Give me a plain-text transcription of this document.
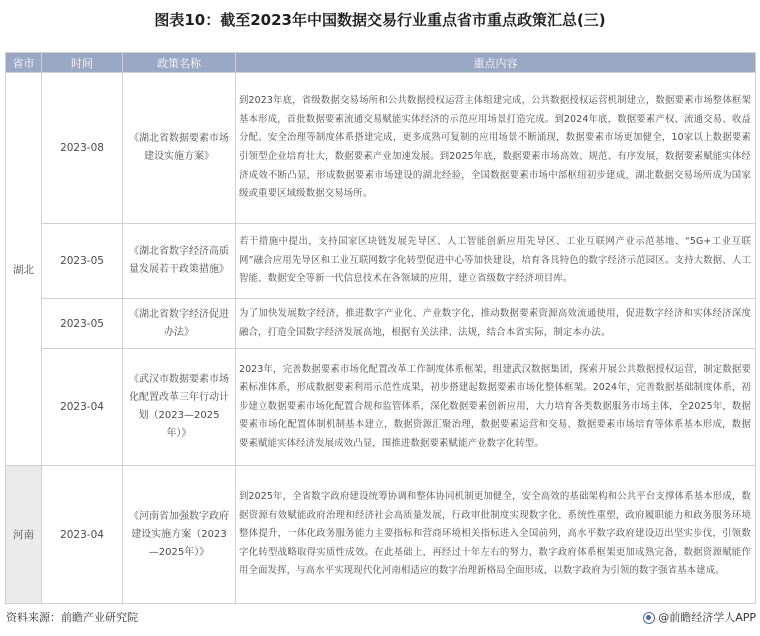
图表10：截至2023年中国数据交易行业重点省市重点政策汇总(三)
省市	时间	政策名称	重点内容
湖北	2023-08	《湖北省数据要素市场建设实施方案》	到2023年底，省级数据交易场所和公共数据授权运营主体组建完成，公共数据授权运营机制建立，数据要素市场整体框架基本形成，首批数据要素流通交易赋能实体经济的示范应用场景打造完成。到2024年底，数据要素产权、流通交易、收益分配、安全治理等制度体系搭建完成，更多成熟可复制的应用场景不断涌现，数据要素市场更加健全，10家以上数据要素引领型企业培育壮大，数据要素产业加速发展。到2025年底，数据要素市场高效、规范、有序发展，数据要素赋能实体经济成效不断凸显，形成数据要素市场建设的湖北经验，全国数据要素市场中部枢纽初步建成，湖北数据交易场所成为国家级或重要区域级数据交易场所。
	2023-05	《湖北省数字经济高质量发展若干政策措施》	若干措施中提出，支持国家区块链发展先导区、人工智能创新应用先导区、工业互联网产业示范基地、“5G+工业互联网”融合应用先导区和工业互联网数字化转型促进中心等加快建设，培育各具特色的数字经济示范园区。支持大数据、人工智能、数据安全等新一代信息技术在各领域的应用，建立省级数字经济项目库。
	2023-05	《湖北省数字经济促进办法》	为了加快发展数字经济，推进数字产业化、产业数字化，推动数据要素资源高效流通使用，促进数字经济和实体经济深度融合，打造全国数字经济发展高地，根据有关法律、法规，结合本省实际，制定本办法。
	2023-04	《武汉市数据要素市场化配置改革三年行动计划（2023—2025年）》	2023年，完善数据要素市场化配置改革工作制度体系框架，组建武汉数据集团，探索开展公共数据授权运营，制定数据要素标准体系，形成数据要素利用示范性成果，初步搭建起数据要素市场化整体框架。2024年，完善数据基础制度体系，初步建立数据要素市场化配置合规和监管体系，深化数据要素创新应用，大力培育各类数据服务市场主体，全2025年，数据要素市场化配置体制机制基本建立，数据资源汇聚治理，数据要素运营和交易、数据要素市场培育等体系基本形成，数据要素赋能实体经济发展成效凸显，围推进数据要素赋能产业数字化转型。
河南	2023-04	《河南省加强数字政府建设实施方案（2023—2025年）》	到2025年，全省数字政府建设统筹协调和整体协同机制更加健全，安全高效的基础架构和公共平台支撑体系基本形成，数据资源有效赋能政府治理和经济社会高质量发展，行政审批制度实现数字化、系统性重塑，政府履职能力和政务服务环境整体提升，一体化政务服务能力主要指标和营商环境相关指标进入全国前列，高水平数字政府建设迈出坚实步伐，引领数字化转型战略取得实质性成效。在此基础上，再经过十年左右的努力，数字政府体系框架更加成熟完备，数据资源赋能作用全面发挥，与高水平实现现代化河南相适应的数字治理新格局全面形成，以数字政府为引领的数字强省基本建成。
资料来源：前瞻产业研究院	@前瞻经济学人APP
